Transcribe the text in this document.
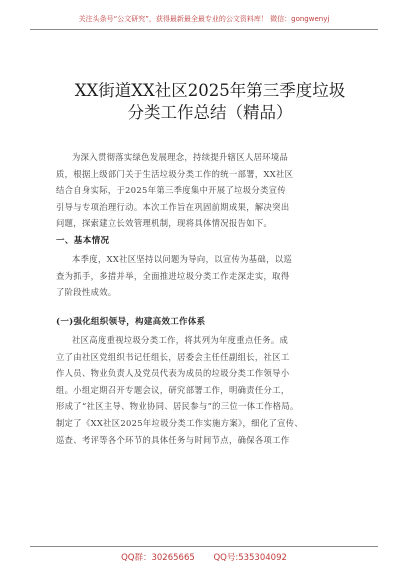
关注头条号“公文研究”，获得最新最全最专业的公文资料库！ 微信：gongwenyj
XX街道XX社区2025年第三季度垃圾
分类工作总结（精品）
为深入贯彻落实绿色发展理念，持续提升辖区人居环境品
质，根据上级部门关于生活垃圾分类工作的统一部署，XX社区
结合自身实际，于2025年第三季度集中开展了垃圾分类宣传
引导与专项治理行动。本次工作旨在巩固前期成果，解决突出
问题，探索建立长效管理机制，现将具体情况报告如下。
一、基本情况
本季度，XX社区坚持以问题为导向，以宣传为基础，以巡
查为抓手，多措并举，全面推进垃圾分类工作走深走实，取得
了阶段性成效。
(一)强化组织领导，构建高效工作体系
社区高度重视垃圾分类工作，将其列为年度重点任务。成
立了由社区党组织书记任组长，居委会主任任副组长，社区工
作人员、物业负责人及党员代表为成员的垃圾分类工作领导小
组。小组定期召开专题会议，研究部署工作，明确责任分工，
形成了“社区主导、物业协同、居民参与”的三位一体工作格局。
制定了《XX社区2025年垃圾分类工作实施方案》，细化了宣传、
巡查、考评等各个环节的具体任务与时间节点，确保各项工作
QQ群：30265665 QQ号:535304092
